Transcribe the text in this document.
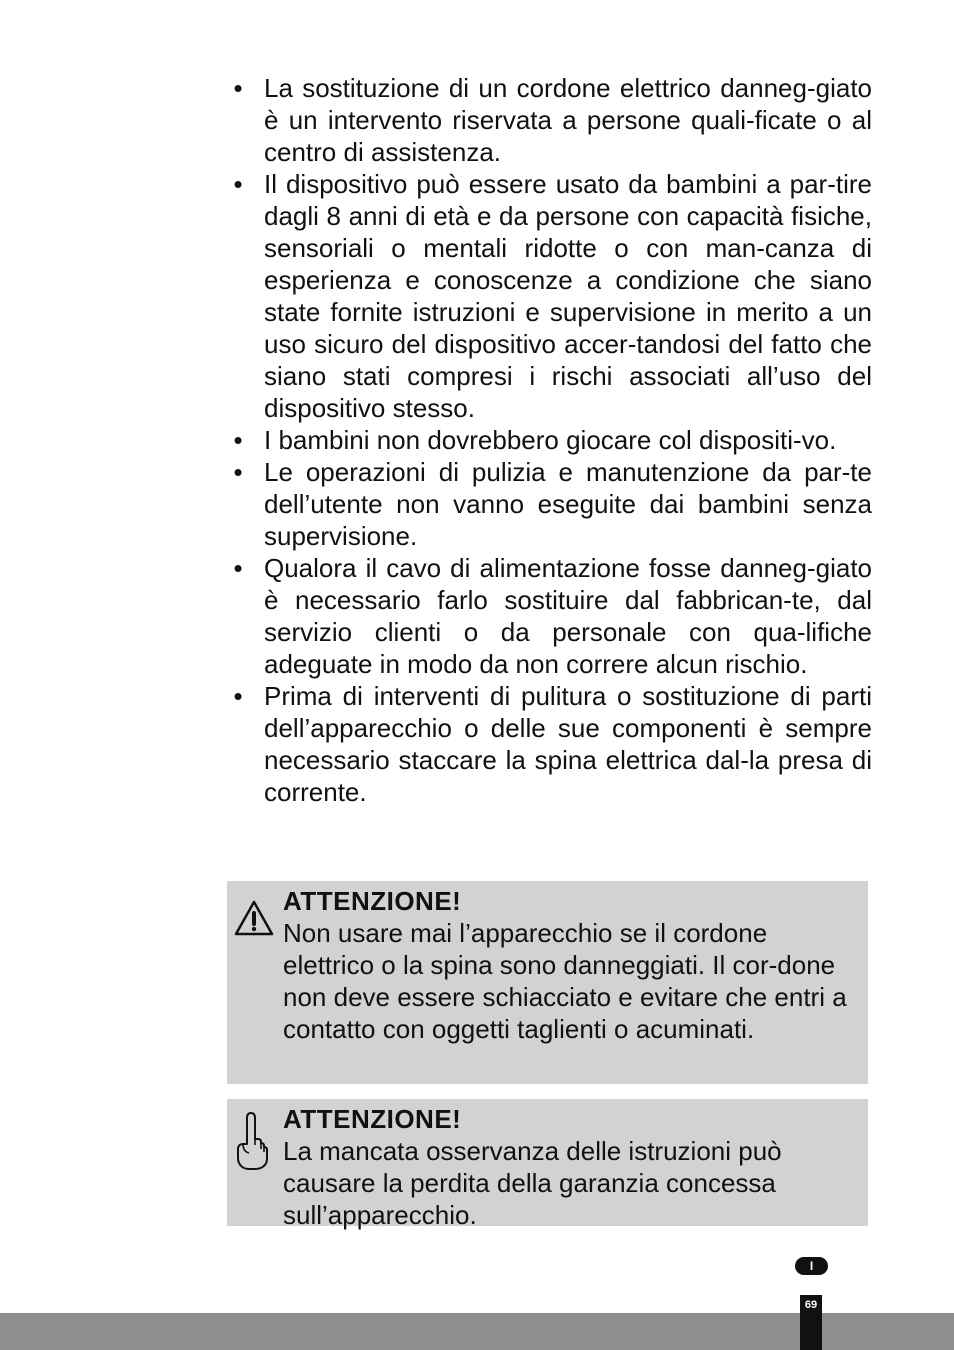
• La sostituzione di un cordone elettrico danneg-giato è un intervento riservata a persone quali-ficate o al centro di assistenza.
• Il dispositivo può essere usato da bambini a par-tire dagli 8 anni di età e da persone con capacità fisiche, sensoriali o mentali ridotte o con man-canza di esperienza e conoscenze a condizione che siano state fornite istruzioni e supervisione in merito a un uso sicuro del dispositivo accer-tandosi del fatto che siano stati compresi i rischi associati all’uso del dispositivo stesso.
• I bambini non dovrebbero giocare col dispositi-vo.
• Le operazioni di pulizia e manutenzione da par-te dell’utente non vanno eseguite dai bambini senza supervisione.
• Qualora il cavo di alimentazione fosse danneg-giato è necessario farlo sostituire dal fabbrican-te, dal servizio clienti o da personale con qua-lifiche adeguate in modo da non correre alcun rischio.
• Prima di interventi di pulitura o sostituzione di parti dell’apparecchio o delle sue componenti è sempre necessario staccare la spina elettrica dal-la presa di corrente.
ATTENZIONE!
Non usare mai l’apparecchio se il cordone elettrico o la spina sono danneggiati. Il cor-done non deve essere schiacciato e evitare che entri a contatto con oggetti taglienti o acuminati.
ATTENZIONE!
La mancata osservanza delle istruzioni può causare la perdita della garanzia concessa sull’apparecchio.
I
69
